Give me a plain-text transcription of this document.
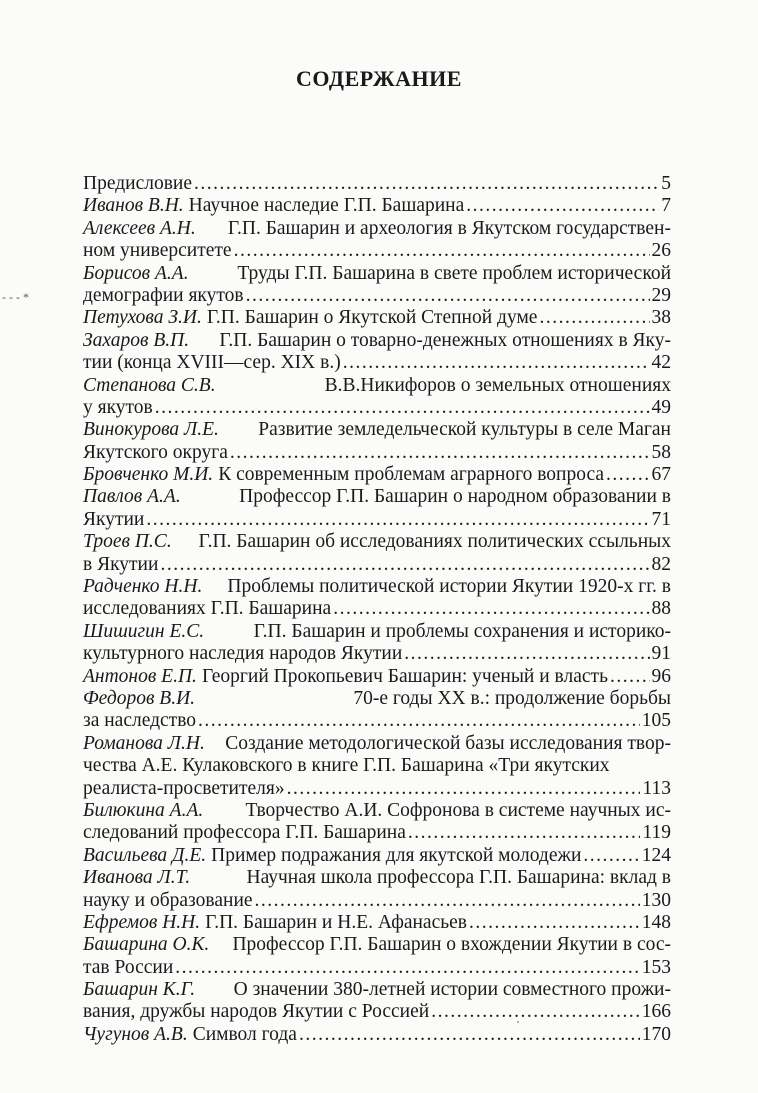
СОДЕРЖАНИЕ
- - - *
Предисловие .....	5
Иванов В.Н. Научное наследие Г.П. Башарина .....	7
Алексеев А.Н. Г.П. Башарин и археология в Якутском государствен-
ном университете .....	26
Борисов А.А.	Труды Г.П. Башарина в свете проблем исторической
демографии якутов .....	29
Петухова З.И. Г.П. Башарин о Якутской Степной думе .....	38
Захаров В.П. Г.П. Башарин о товарно-денежных отношениях в Яку-
тии (конца XVIII—сер. XIX в.) .....	42
Степанова С.В.	В.В.Никифоров о земельных отношениях
у якутов .....	49
Винокурова Л.Е. Развитие земледельческой культуры в селе Маган
Якутского округа .....	58
Бровченко М.И. К современным проблемам аграрного вопроса ..... 67
Павлов А.А.	Профессор Г.П. Башарин о народном образовании в
Якутии .....	71
Троев П.С. Г.П. Башарин об исследованиях политических ссыльных
в Якутии .....	82
Радченко Н.Н. Проблемы политической истории Якутии 1920-х гг. в
исследованиях Г.П. Башарина .....	88
Шишигин Е.С.	Г.П. Башарин и проблемы сохранения и историко-
культурного наследия народов Якутии .....	91
Антонов Е.П. Георгий Прокопьевич Башарин: ученый и власть ..... 96
Федоров В.И.	70-е годы XX в.: продолжение борьбы
за наследство .....	105
Романова Л.Н. Создание методологической базы исследования твор-
чества А.Е. Кулаковского в книге Г.П. Башарина «Три якутских
реалиста-просветителя» .....	113
Билюкина А.А. Творчество А.И. Софронова в системе научных ис-
следований профессора Г.П. Башарина .....	119
Васильева Д.Е. Пример подражания для якутской молодежи .....	124
Иванова Л.Т.	Научная школа профессора Г.П. Башарина: вклад в
науку и образование .....	130
Ефремов Н.Н. Г.П. Башарин и Н.Е. Афанасьев .....	148
Башарина О.К. Профессор Г.П. Башарин о вхождении Якутии в сос-
тав России .....	153
Башарин К.Г. О значении 380-летней истории совместного прожи-
вания, дружбы народов Якутии с Россией .....	166
Чугунов А.В. Символ года .....	170
